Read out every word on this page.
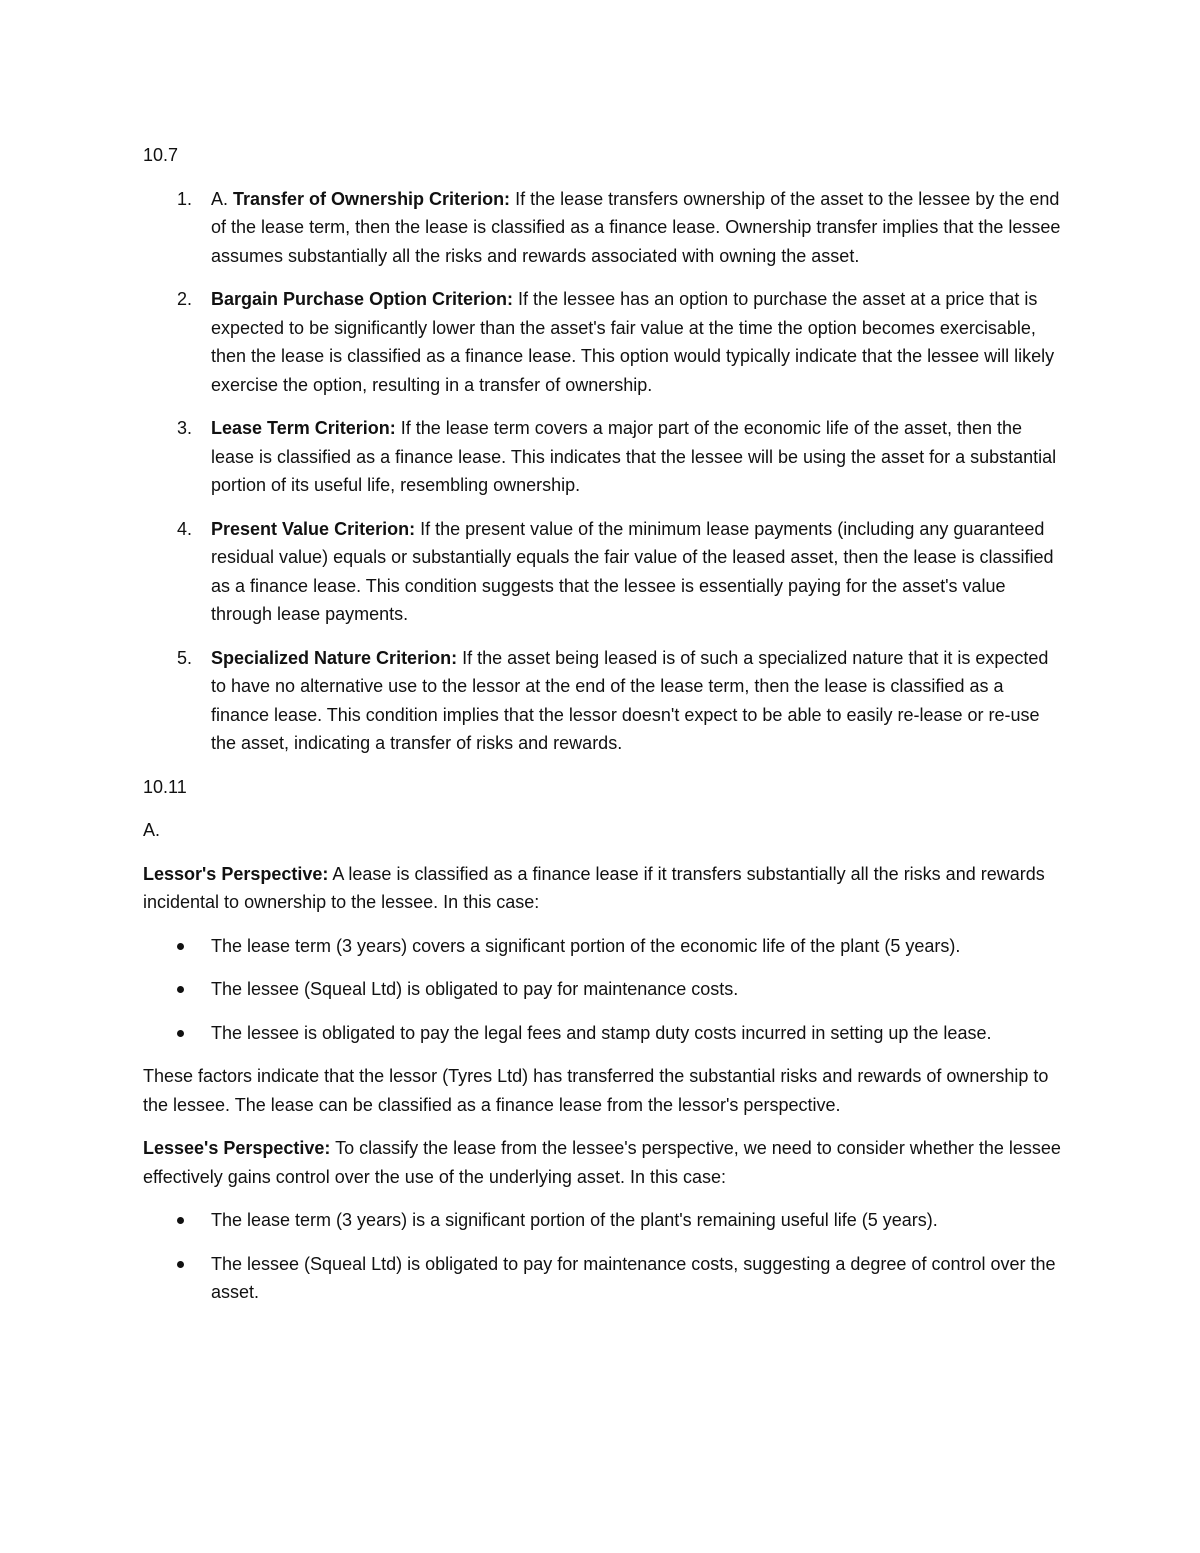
10.7

1. A. Transfer of Ownership Criterion: If the lease transfers ownership of the asset to the lessee by the end of the lease term, then the lease is classified as a finance lease. Ownership transfer implies that the lessee assumes substantially all the risks and rewards associated with owning the asset.
2. Bargain Purchase Option Criterion: If the lessee has an option to purchase the asset at a price that is expected to be significantly lower than the asset's fair value at the time the option becomes exercisable, then the lease is classified as a finance lease. This option would typically indicate that the lessee will likely exercise the option, resulting in a transfer of ownership.
3. Lease Term Criterion: If the lease term covers a major part of the economic life of the asset, then the lease is classified as a finance lease. This indicates that the lessee will be using the asset for a substantial portion of its useful life, resembling ownership.
4. Present Value Criterion: If the present value of the minimum lease payments (including any guaranteed residual value) equals or substantially equals the fair value of the leased asset, then the lease is classified as a finance lease. This condition suggests that the lessee is essentially paying for the asset's value through lease payments.
5. Specialized Nature Criterion: If the asset being leased is of such a specialized nature that it is expected to have no alternative use to the lessor at the end of the lease term, then the lease is classified as a finance lease. This condition implies that the lessor doesn't expect to be able to easily re-lease or re-use the asset, indicating a transfer of risks and rewards.

10.11

A.

Lessor's Perspective: A lease is classified as a finance lease if it transfers substantially all the risks and rewards incidental to ownership to the lessee. In this case:

The lease term (3 years) covers a significant portion of the economic life of the plant (5 years).
The lessee (Squeal Ltd) is obligated to pay for maintenance costs.
The lessee is obligated to pay the legal fees and stamp duty costs incurred in setting up the lease.

These factors indicate that the lessor (Tyres Ltd) has transferred the substantial risks and rewards of ownership to the lessee. The lease can be classified as a finance lease from the lessor's perspective.

Lessee's Perspective: To classify the lease from the lessee's perspective, we need to consider whether the lessee effectively gains control over the use of the underlying asset. In this case:

The lease term (3 years) is a significant portion of the plant's remaining useful life (5 years).
The lessee (Squeal Ltd) is obligated to pay for maintenance costs, suggesting a degree of control over the asset.
